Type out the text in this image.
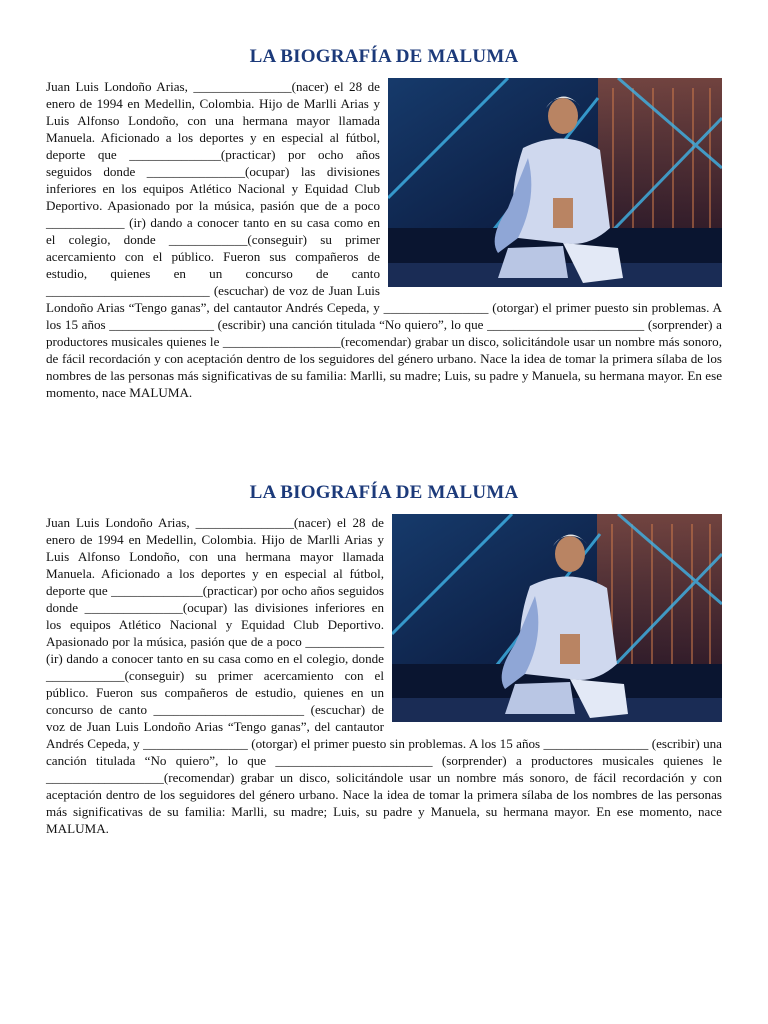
LA BIOGRAFÍA DE MALUMA

Juan Luis Londoño Arias, _______________(nacer) el 28 de enero de 1994 en Medellin, Colombia. Hijo de Marlli Arias y Luis Alfonso Londoño, con una hermana mayor llamada Manuela. Aficionado a los deportes y en especial al fútbol, deporte que ______________(practicar) por ocho años seguidos donde _______________(ocupar) las divisiones inferiores en los equipos Atlético Nacional y Equidad Club Deportivo. Apasionado por la música, pasión que de a poco ____________ (ir) dando a conocer tanto en su casa como en el colegio, donde ____________(conseguir) su primer acercamiento con el público. Fueron sus compañeros de estudio, quienes en un concurso de canto _________________________ (escuchar) de voz de Juan Luis Londoño Arias “Tengo ganas”, del cantautor Andrés Cepeda, y ________________ (otorgar) el primer puesto sin problemas. A los 15 años ________________ (escribir) una canción titulada “No quiero”, lo que ________________________ (sorprender) a productores musicales quienes le __________________(recomendar) grabar un disco, solicitándole usar un nombre más sonoro, de fácil recordación y con aceptación dentro de los seguidores del género urbano. Nace la idea de tomar la primera sílaba de los nombres de las personas más significativas de su familia: Marlli, su madre; Luis, su padre y Manuela, su hermana mayor. En ese momento, nace MALUMA.

LA BIOGRAFÍA DE MALUMA

Juan Luis Londoño Arias, _______________(nacer) el 28 de enero de 1994 en Medellin, Colombia. Hijo de Marlli Arias y Luis Alfonso Londoño, con una hermana mayor llamada Manuela. Aficionado a los deportes y en especial al fútbol, deporte que ______________(practicar) por ocho años seguidos donde _______________(ocupar) las divisiones inferiores en los equipos Atlético Nacional y Equidad Club Deportivo. Apasionado por la música, pasión que de a poco ____________ (ir) dando a conocer tanto en su casa como en el colegio, donde ____________(conseguir) su primer acercamiento con el público. Fueron sus compañeros de estudio, quienes en un concurso de canto _______________________ (escuchar) de voz de Juan Luis Londoño Arias “Tengo ganas”, del cantautor Andrés Cepeda, y ________________ (otorgar) el primer puesto sin problemas. A los 15 años ________________ (escribir) una canción titulada “No quiero”, lo que ________________________ (sorprender) a productores musicales quienes le __________________(recomendar) grabar un disco, solicitándole usar un nombre más sonoro, de fácil recordación y con aceptación dentro de los seguidores del género urbano. Nace la idea de tomar la primera sílaba de los nombres de las personas más significativas de su familia: Marlli, su madre; Luis, su padre y Manuela, su hermana mayor. En ese momento, nace MALUMA.
